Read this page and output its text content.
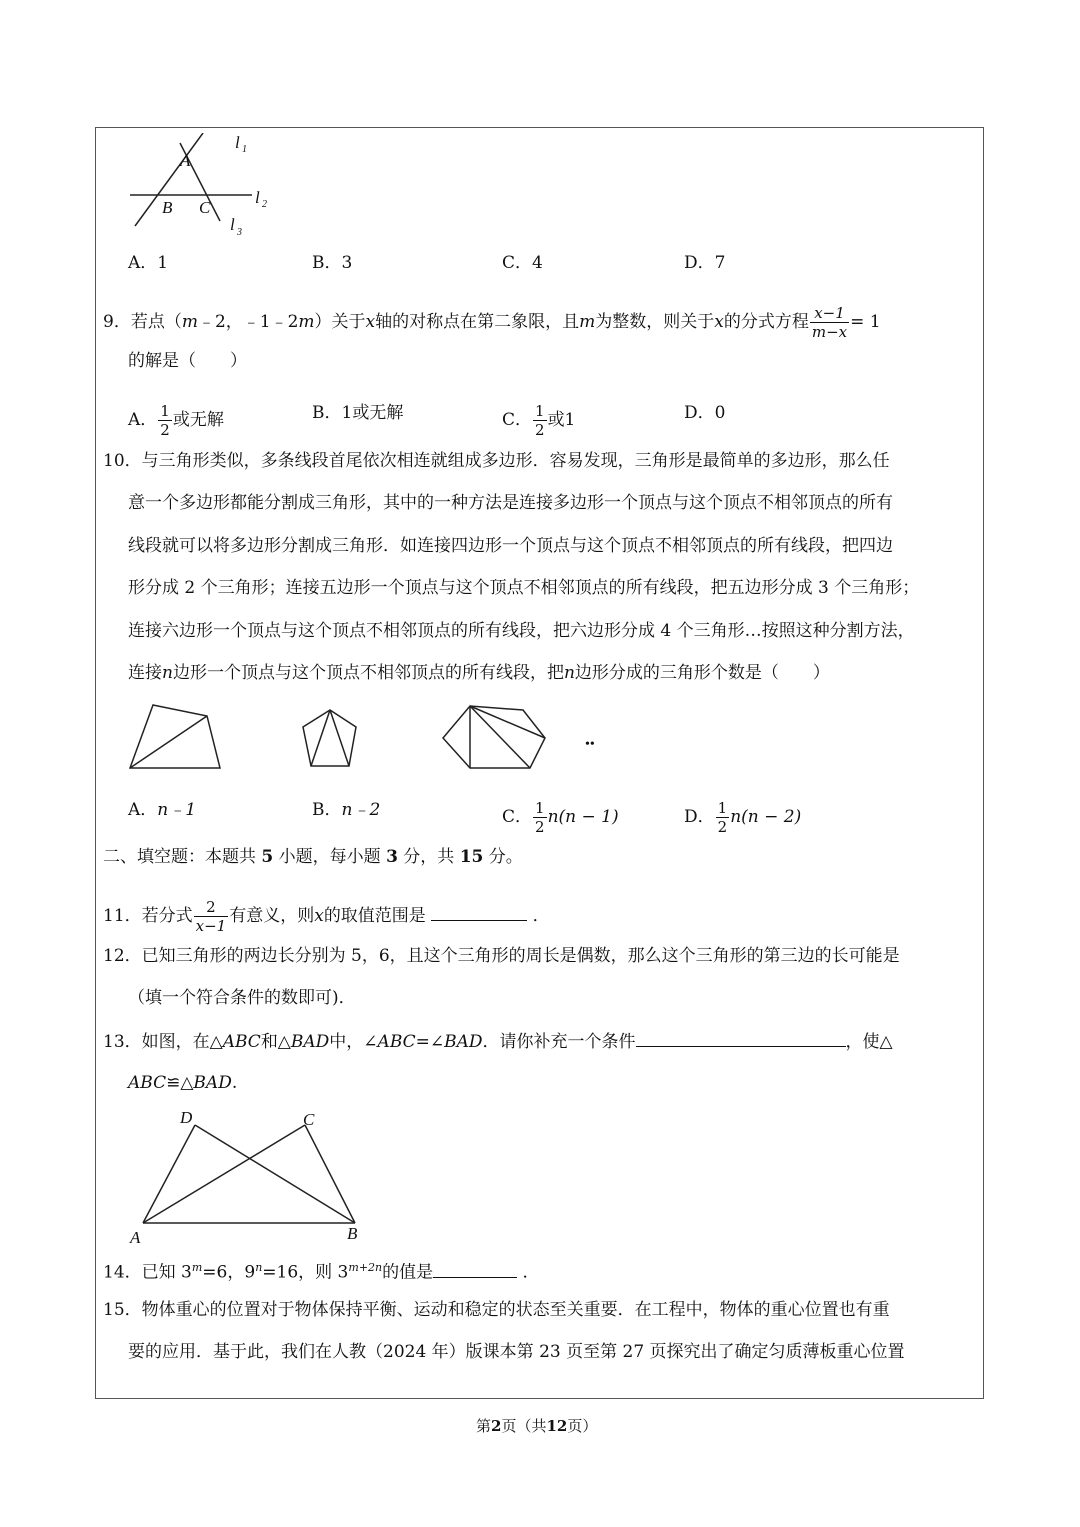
A
B C
l 1
l 2
l 3
A．1	B．3	C．4	D．7
9．若点（m﹣2，﹣1﹣2m）关于x轴的对称点在第二象限，且m为整数，则关于x的分式方程 $\frac{x-1}{m-x} = 1$
的解是（　　）
A． $\frac{1}{2}$ 或无解	B．1或无解	C． $\frac{1}{2}$ 或1	D．0
10．与三角形类似，多条线段首尾依次相连就组成多边形．容易发现，三角形是最简单的多边形，那么任
意一个多边形都能分割成三角形，其中的一种方法是连接多边形一个顶点与这个顶点不相邻顶点的所有
线段就可以将多边形分割成三角形．如连接四边形一个顶点与这个顶点不相邻顶点的所有线段，把四边
形分成 2 个三角形；连接五边形一个顶点与这个顶点不相邻顶点的所有线段，把五边形分成 3 个三角形；
连接六边形一个顶点与这个顶点不相邻顶点的所有线段，把六边形分成 4 个三角形…按照这种分割方法，
连接n边形一个顶点与这个顶点不相邻顶点的所有线段，把n边形分成的三角形个数是（　　）
••
A．n﹣1	B．n﹣2	C． $\frac{1}{2} n(n - 1)$	D． $\frac{1}{2} n(n - 2)$
二、填空题：本题共 5 小题，每小题 3 分，共 15 分。
11．若分式 $\frac{2}{x-1}$ 有意义，则x的取值范围是	．
12．已知三角形的两边长分别为 5，6，且这个三角形的周长是偶数，那么这个三角形的第三边的长可能是
（填一个符合条件的数即可)．
13．如图，在△ABC和△BAD中，∠ABC=∠BAD．请你补充一个条件	，使△
ABC≌△BAD.
D	C
A	B
14．已知 $3^m=6$，$9^n=16$，则 $3^{m+2n}$的值是	．
15．物体重心的位置对于物体保持平衡、运动和稳定的状态至关重要．在工程中，物体的重心位置也有重
要的应用．基于此，我们在人教（2024 年）版课本第 23 页至第 27 页探究出了确定匀质薄板重心位置
第2页（共12页）
